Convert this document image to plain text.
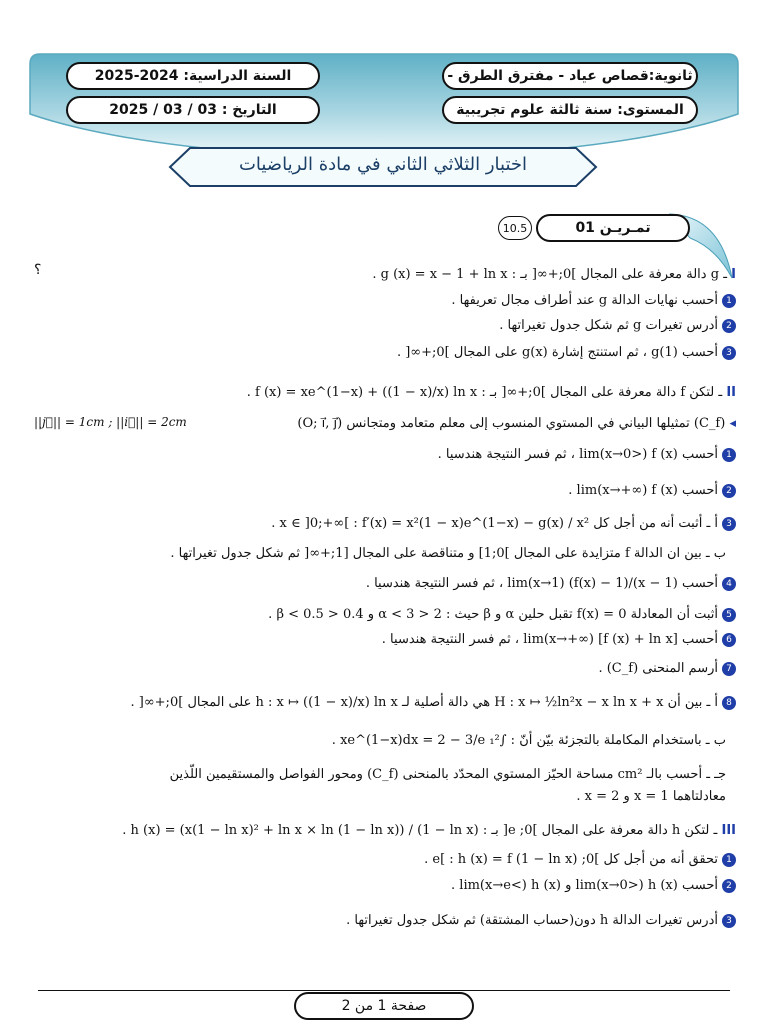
ثانوية:قصاص عياد - مفترق الطرق -
السنة الدراسية: 2024-2025
المستوى: سنة ثالثة علوم تجريبية
التاريخ : 03 / 03 / 2025
اختبار الثلاثي الثاني في مادة الرياضيات
تمـريـن 01
10.5
؟	I ـ g دالة معرفة على المجال ]0;+∞[ بـ : g (x) = x − 1 + ln x .
1أحسب نهايات الدالة g عند أطراف مجال تعريفها .
2أدرس تغيرات g ثم شكل جدول تغيراتها .
3أحسب g(1) ، ثم استنتج إشارة g(x) على المجال ]0;+∞[ .
II ـ لتكن f دالة معرفة على المجال ]0;+∞[ بـ : f (x) = xe^(1−x) + ((1 − x)/x) ln x .
◂ (C_f) تمثيلها البياني في المستوي المنسوب إلى معلم متعامد ومتجانس (O; i⃗, j⃗)
||j⃗|| = 1cm ; ||i⃗|| = 2cm
1أحسب lim(x→0>) f (x) ، ثم فسر النتيجة هندسيا .
2أحسب lim(x→+∞) f (x) .
3أ ـ أثبت أنه من أجل كل x ∈ ]0;+∞[ : f′(x) = x²(1 − x)e^(1−x) − g(x) / x² .
ب ـ بين ان الدالة f متزايدة على المجال ]0;1] و متناقصة على المجال [1;+∞[ ثم شكل جدول تغيراتها .
4أحسب lim(x→1) (f(x) − 1)/(x − 1) ، ثم فسر النتيجة هندسيا .
5أثبت أن المعادلة f(x) = 0 تقبل حلين α و β حيث : 2 < α < 3 و 0.4 < β < 0.5 .
6أحسب lim(x→+∞) [f (x) + ln x] ، ثم فسر النتيجة هندسيا .
7أرسم المنحنى (C_f) .
8أ ـ بين أن H : x ↦ ½ln²x − x ln x + x هي دالة أصلية لـ h : x ↦ ((1 − x)/x) ln x على المجال ]0;+∞[ .
ب ـ باستخدام المكاملة بالتجزئة بيّن أنّ : ∫₁² xe^(1−x)dx = 2 − 3/e .
جـ ـ أحسب بالـ cm² مساحة الحيّز المستوي المحدّد بالمنحنى (C_f) ومحور الفواصل والمستقيمين اللّذين
معادلتاهما x = 1 و x = 2 .
III ـ لتكن h دالة معرفة على المجال ]0; e[ بـ : h (x) = (x(1 − ln x)² + ln x × ln (1 − ln x)) / (1 − ln x) .
1تحقق أنه من أجل كل ]0; e[ : h (x) = f (1 − ln x) .
2أحسب lim(x→0>) h (x) و lim(x→e<) h (x) .
3أدرس تغيرات الدالة h دون(حساب المشتقة) ثم شكل جدول تغيراتها .
صفحة 1 من 2
